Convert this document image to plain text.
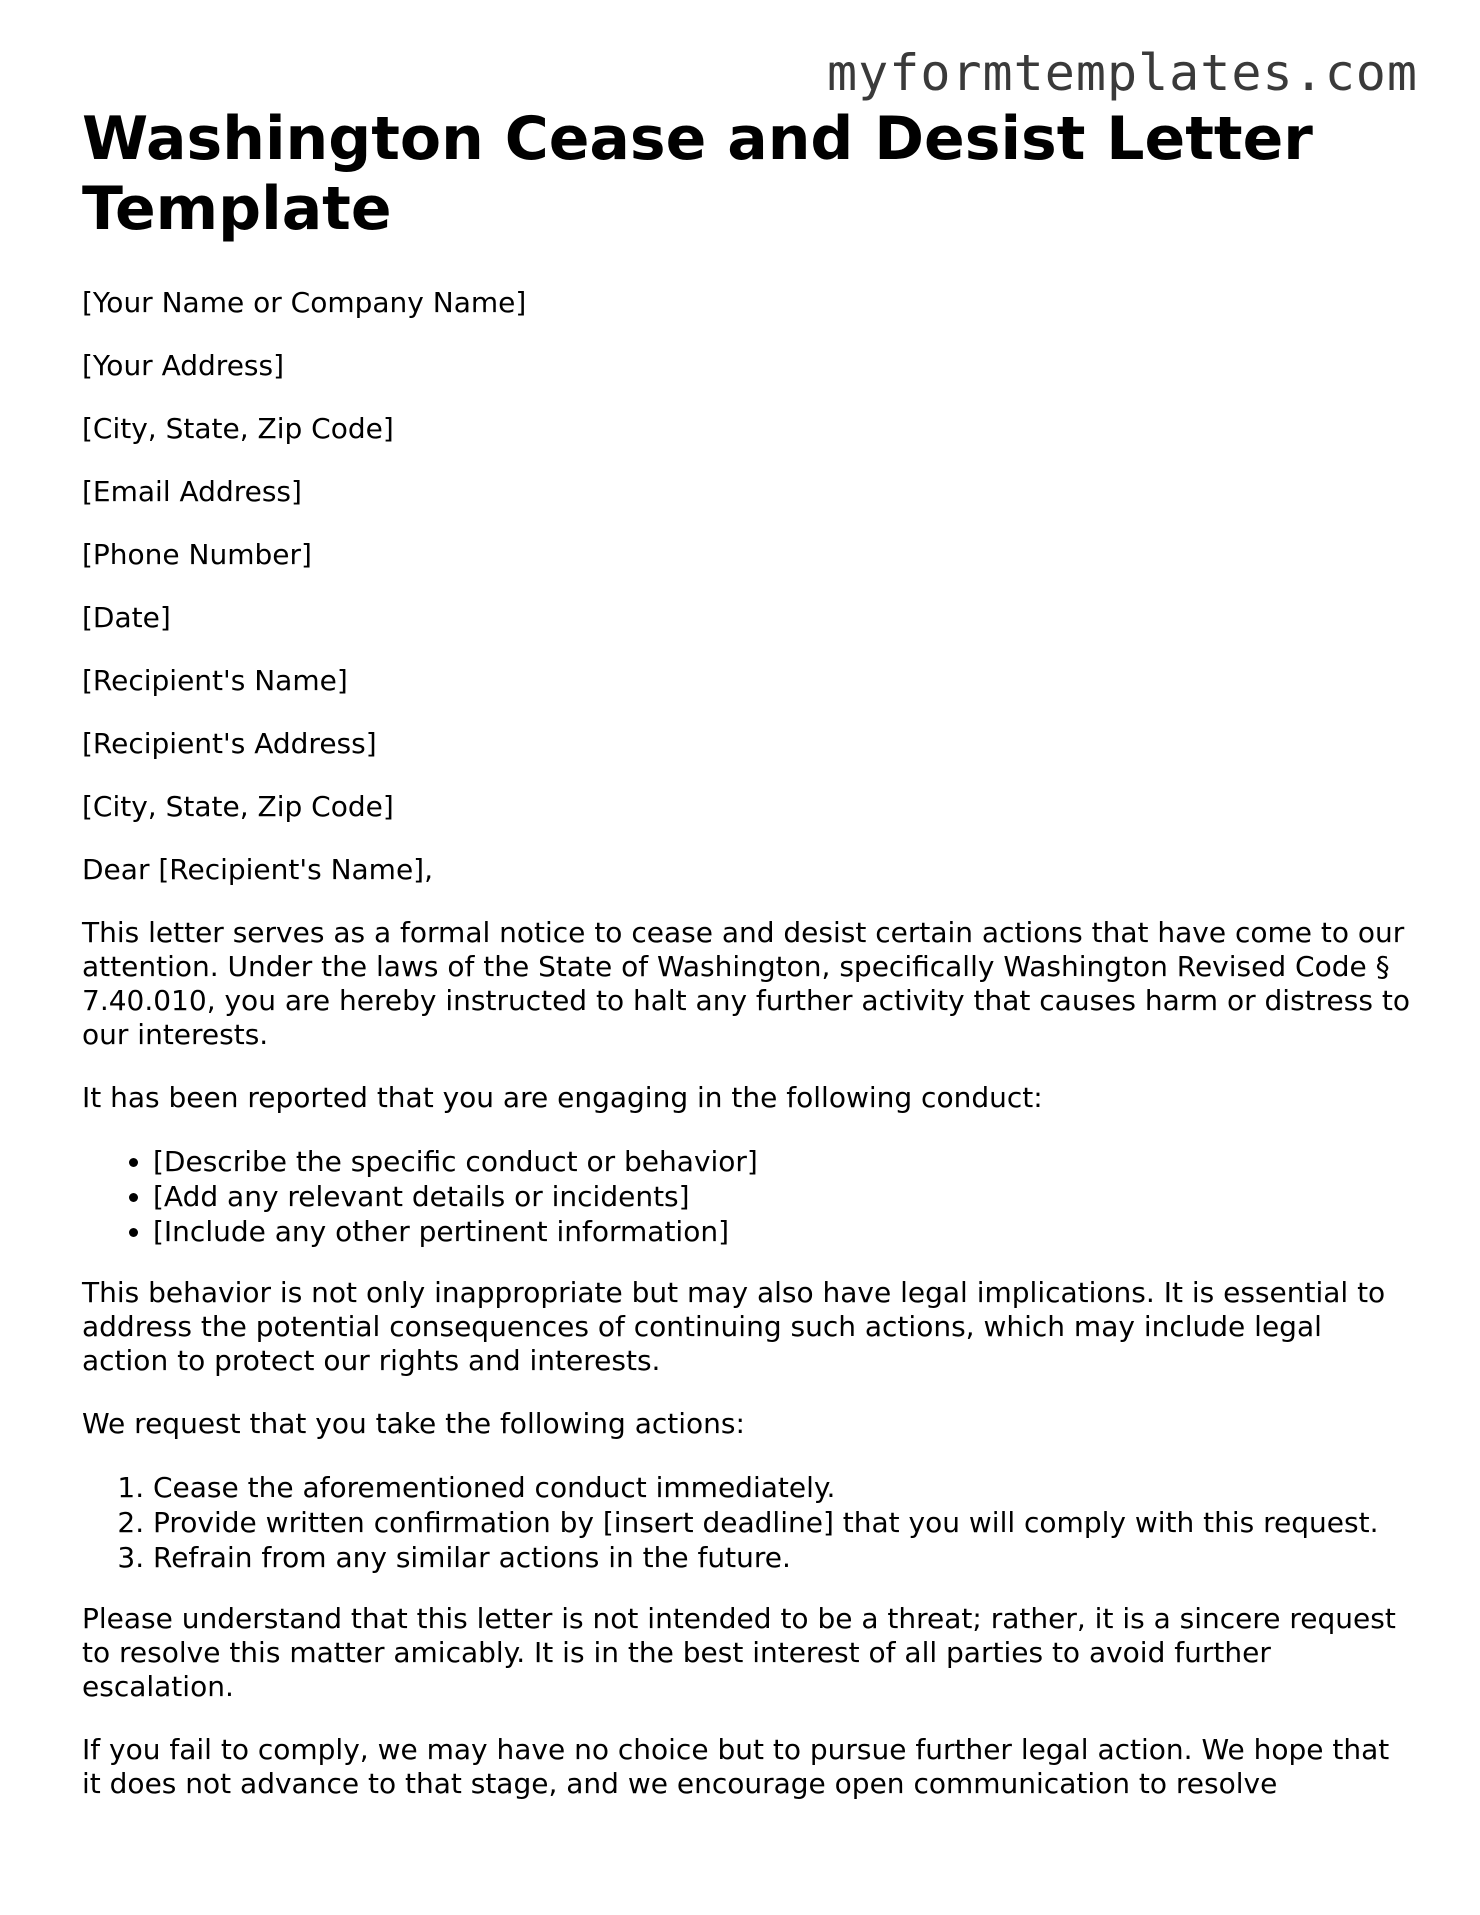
myformtemplates.com
Washington Cease and Desist Letter Template

[Your Name or Company Name]

[Your Address]

[City, State, Zip Code]

[Email Address]

[Phone Number]

[Date]

[Recipient's Name]

[Recipient's Address]

[City, State, Zip Code]

Dear [Recipient's Name],

This letter serves as a formal notice to cease and desist certain actions that have come to our attention. Under the laws of the State of Washington, specifically Washington Revised Code § 7.40.010, you are hereby instructed to halt any further activity that causes harm or distress to our interests.

It has been reported that you are engaging in the following conduct:

• [Describe the specific conduct or behavior]
• [Add any relevant details or incidents]
• [Include any other pertinent information]

This behavior is not only inappropriate but may also have legal implications. It is essential to address the potential consequences of continuing such actions, which may include legal action to protect our rights and interests.

We request that you take the following actions:

1. Cease the aforementioned conduct immediately.
2. Provide written confirmation by [insert deadline] that you will comply with this request.
3. Refrain from any similar actions in the future.

Please understand that this letter is not intended to be a threat; rather, it is a sincere request to resolve this matter amicably. It is in the best interest of all parties to avoid further escalation.

If you fail to comply, we may have no choice but to pursue further legal action. We hope that it does not advance to that stage, and we encourage open communication to resolve
